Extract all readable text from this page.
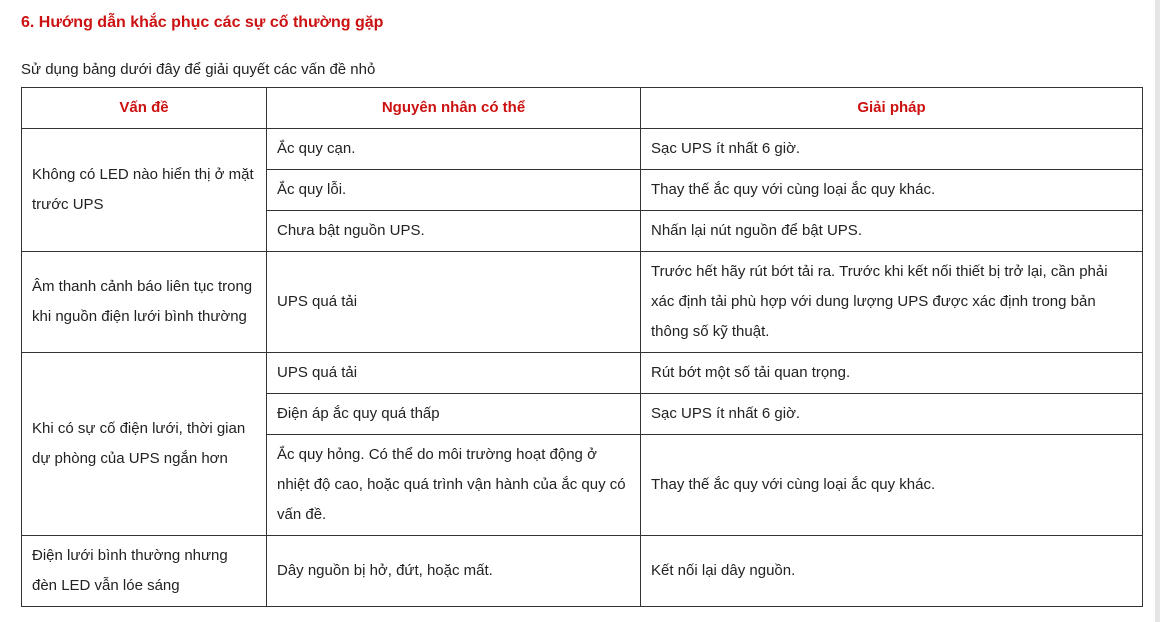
6. Hướng dẫn khắc phục các sự cố thường gặp

Sử dụng bảng dưới đây để giải quyết các vấn đề nhỏ

Vấn đề	Nguyên nhân có thể	Giải pháp
Không có LED nào hiển thị ở mặt trước UPS	Ắc quy cạn.	Sạc UPS ít nhất 6 giờ.
	Ắc quy lỗi.	Thay thế ắc quy với cùng loại ắc quy khác.
	Chưa bật nguồn UPS.	Nhấn lại nút nguồn để bật UPS.
Âm thanh cảnh báo liên tục trong khi nguồn điện lưới bình thường	UPS quá tải	Trước hết hãy rút bớt tải ra. Trước khi kết nối thiết bị trở lại, cần phải xác định tải phù hợp với dung lượng UPS được xác định trong bản thông số kỹ thuật.
Khi có sự cố điện lưới, thời gian dự phòng của UPS ngắn hơn	UPS quá tải	Rút bớt một số tải quan trọng.
	Điện áp ắc quy quá thấp	Sạc UPS ít nhất 6 giờ.
	Ắc quy hỏng. Có thể do môi trường hoạt động ở nhiệt độ cao, hoặc quá trình vận hành của ắc quy có vấn đề.	Thay thế ắc quy với cùng loại ắc quy khác.
Điện lưới bình thường nhưng đèn LED vẫn lóe sáng	Dây nguồn bị hở, đứt, hoặc mất.	Kết nối lại dây nguồn.
